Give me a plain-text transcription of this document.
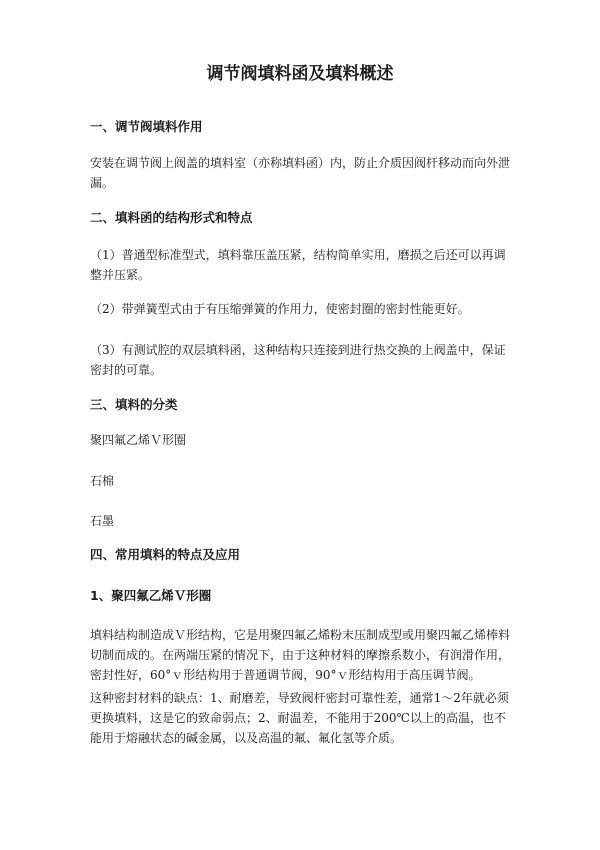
调节阀填料函及填料概述
一、调节阀填料作用

安装在调节阀上阀盖的填料室（亦称填料函）内，防止介质因阀杆移动而向外泄
漏。

二、填料函的结构形式和特点

（1）普通型标准型式，填料靠压盖压紧，结构简单实用，磨损之后还可以再调
整并压紧。

（2）带弹簧型式由于有压缩弹簧的作用力，使密封圈的密封性能更好。

（3）有测试腔的双层填料函，这种结构只连接到进行热交换的上阀盖中，保证
密封的可靠。

三、填料的分类

聚四氟乙烯Ｖ形圈

石棉

石墨

四、常用填料的特点及应用
1、聚四氟乙烯Ｖ形圈

填料结构制造成Ｖ形结构，它是用聚四氟乙烯粉末压制成型或用聚四氟乙烯棒料
切制而成的。在两端压紧的情况下，由于这种材料的摩擦系数小，有润滑作用，
密封性好，60°ｖ形结构用于普通调节阀，90°ｖ形结构用于高压调节阀。

这种密封材料的缺点：1、耐磨差，导致阀杆密封可靠性差，通常1～2年就必须
更换填料，这是它的致命弱点；2、耐温差，不能用于200℃以上的高温，也不
能用于熔融状态的碱金属，以及高温的氟、氟化氢等介质。
